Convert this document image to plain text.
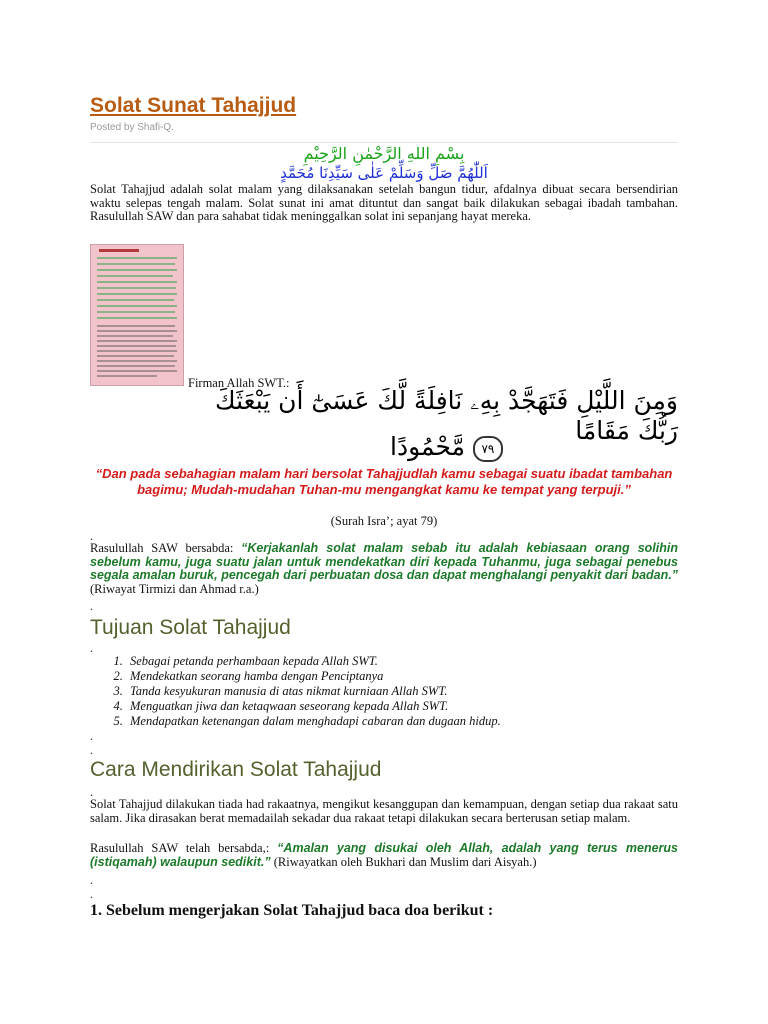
Solat Sunat Tahajjud
Posted by Shafi-Q.
بِسْمِ اللهِ الرَّحْمٰنِ الرَّحِيْمِ
اَللّٰهُمَّ صَلِّ وَسَلِّمْ عَلٰى سَيِّدِنَا مُحَمَّدٍ

Solat Tahajjud adalah solat malam yang dilaksanakan setelah bangun tidur, afdalnya dibuat secara bersendirian waktu selepas tengah malam. Solat sunat ini amat dituntut dan sangat baik dilakukan sebagai ibadah tambahan. Rasulullah SAW dan para sahabat tidak meninggalkan solat ini sepanjang hayat mereka.

Firman Allah SWT.:
وَمِنَ اللَّيْلِ فَتَهَجَّدْ بِهِۦ نَافِلَةً لَّكَ عَسَىٰٓ أَن يَبْعَثَكَ رَبُّكَ مَقَامًا
٧٩ مَّحْمُودًا

“Dan pada sebahagian malam hari bersolat Tahajjudlah kamu sebagai suatu ibadat tambahan bagimu; Mudah-mudahan Tuhan-mu mengangkat kamu ke tempat yang terpuji.”

(Surah Isra’; ayat 79)
.

Rasulullah SAW bersabda: “Kerjakanlah solat malam sebab itu adalah kebiasaan orang solihin sebelum kamu, juga suatu jalan untuk mendekatkan diri kepada Tuhanmu, juga sebagai penebus segala amalan buruk, pencegah dari perbuatan dosa dan dapat menghalangi penyakit dari badan.” (Riwayat Tirmizi dan Ahmad r.a.)

.
Tujuan Solat Tahajjud
.
1. Sebagai petanda perhambaan kepada Allah SWT.
2. Mendekatkan seorang hamba dengan Penciptanya
3. Tanda kesyukuran manusia di atas nikmat kurniaan Allah SWT.
4. Menguatkan jiwa dan ketaqwaan seseorang kepada Allah SWT.
5. Mendapatkan ketenangan dalam menghadapi cabaran dan dugaan hidup.
.
.
Cara Mendirikan Solat Tahajjud
.

Solat Tahajjud dilakukan tiada had rakaatnya, mengikut kesanggupan dan kemampuan, dengan setiap dua rakaat satu salam. Jika dirasakan berat memadailah sekadar dua rakaat tetapi dilakukan secara berterusan setiap malam.

Rasulullah SAW telah bersabda,: “Amalan yang disukai oleh Allah, adalah yang terus menerus (istiqamah) walaupun sedikit.” (Riwayatkan oleh Bukhari dan Muslim dari Aisyah.)

.
.
1. Sebelum mengerjakan Solat Tahajjud baca doa berikut :
